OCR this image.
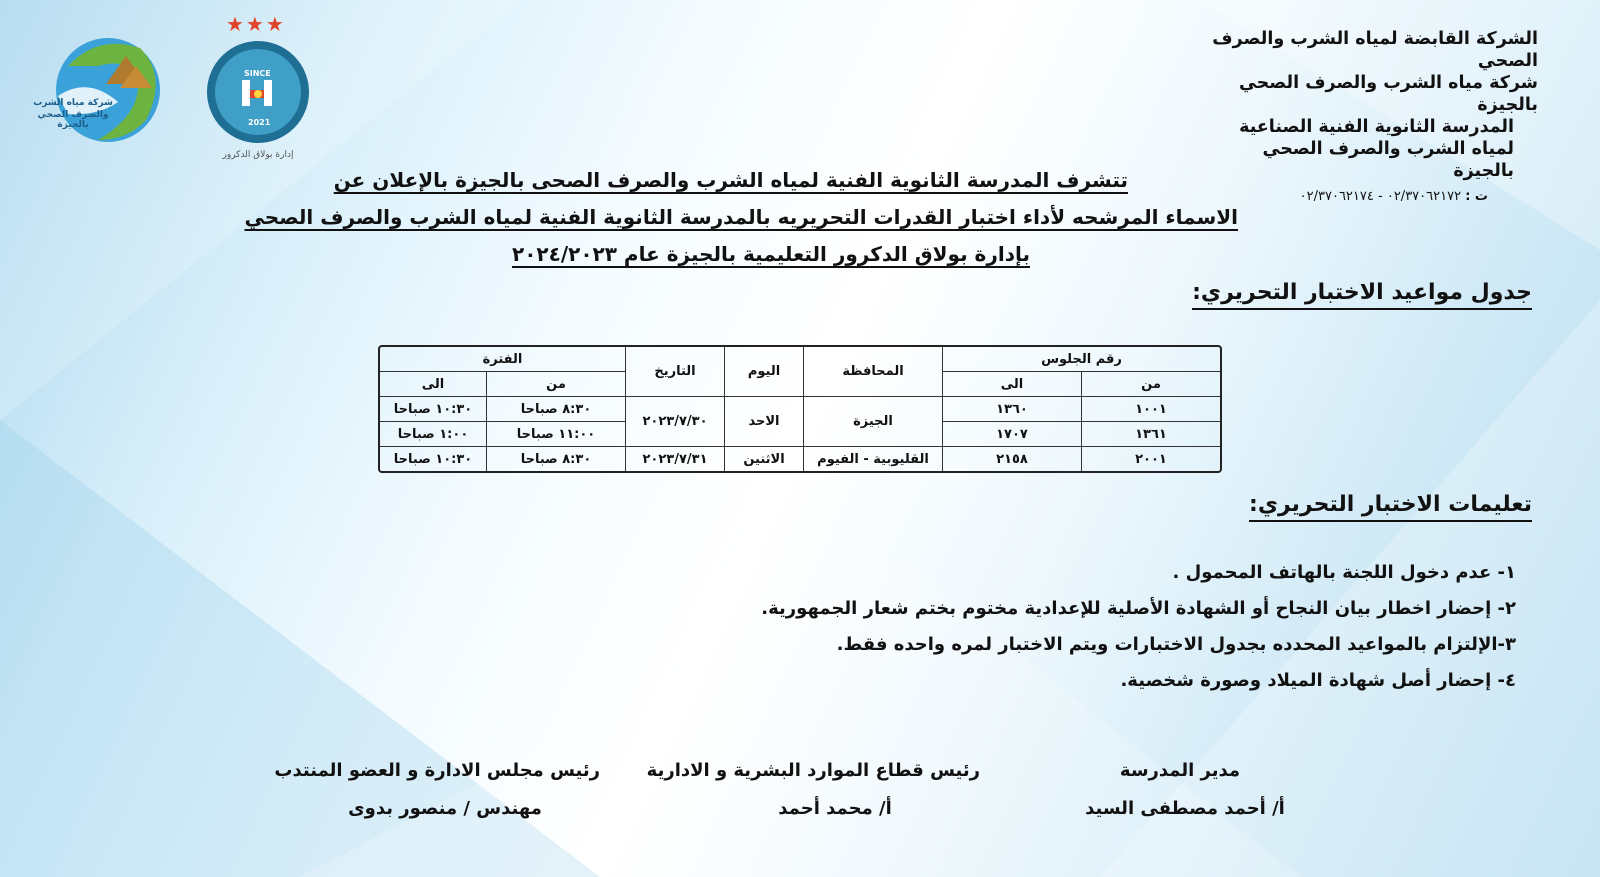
شركة مياه الشرب
والصرف الصحي بالجيزة
★★★
SINCE
2021
إدارة بولاق الدكرور
الشركة القابضة لمياه الشرب والصرف الصحي
شركة مياه الشرب والصرف الصحي بالجيزة
المدرسة الثانوية الفنية الصناعية
لمياه الشرب والصرف الصحي بالجيزة
ت : ٠٢/٣٧٠٦٢١٧٢ - ٠٢/٣٧٠٦٢١٧٤
تتشرف المدرسة الثانوية الفنية لمياه الشرب والصرف الصحى بالجيزة بالإعلان عن
الاسماء المرشحه لأداء اختبار القدرات التحريريه بالمدرسة الثانوية الفنية لمياه الشرب والصرف الصحي
بإدارة بولاق الدكرور التعليمية بالجيزة عام ٢٠٢٤/٢٠٢٣
جدول مواعيد الاختبار التحريري:
رقم الجلوس		المحافظة	اليوم	التاريخ	الفترة	
من	الى				من	الى
١٠٠١	١٣٦٠	الجيزة	الاحد	٢٠٢٣/٧/٣٠	٨:٣٠ صباحا	١٠:٣٠ صباحا
١٣٦١	١٧٠٧				١١:٠٠ صباحا	١:٠٠ صباحا
٢٠٠١	٢١٥٨	القليوبية - الفيوم	الاثنين	٢٠٢٣/٧/٣١	٨:٣٠ صباحا	١٠:٣٠ صباحا
تعليمات الاختبار التحريري:
١- عدم دخول اللجنة بالهاتف المحمول .
٢- إحضار اخطار بيان النجاح أو الشهادة الأصلية للإعدادية مختوم بختم شعار الجمهورية.
٣-الإلتزام بالمواعيد المحدده بجدول الاختبارات ويتم الاختبار لمره واحده فقط.
٤- إحضار أصل شهادة الميلاد وصورة شخصية.
مدير المدرسة
أ/ أحمد مصطفى السيد
رئيس قطاع الموارد البشرية و الادارية
أ/ محمد أحمد
رئيس مجلس الادارة و العضو المنتدب
مهندس / منصور بدوى
